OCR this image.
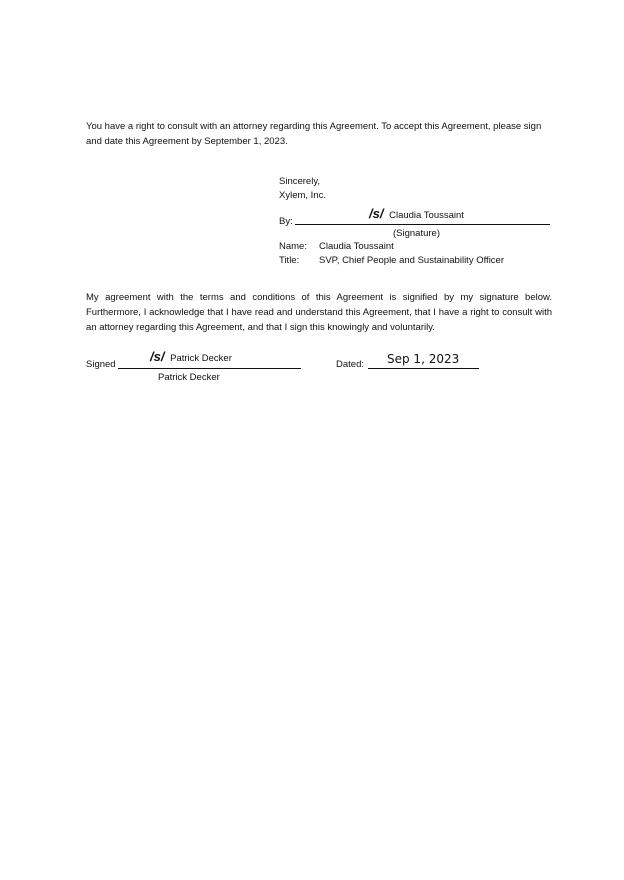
You have a right to consult with an attorney regarding this Agreement. To accept this Agreement, please sign and date this Agreement by September 1, 2023.
Sincerely,
Xylem, Inc.
By:
/s/ Claudia Toussaint
(Signature)
Name: Claudia Toussaint
Title: SVP, Chief People and Sustainability Officer
My agreement with the terms and conditions of this Agreement is signified by my signature below. Furthermore, I acknowledge that I have read and understand this Agreement, that I have a right to consult with an attorney regarding this Agreement, and that I sign this knowingly and voluntarily.
Signed
/s/ Patrick Decker
Patrick Decker
Dated: Sep 1, 2023
